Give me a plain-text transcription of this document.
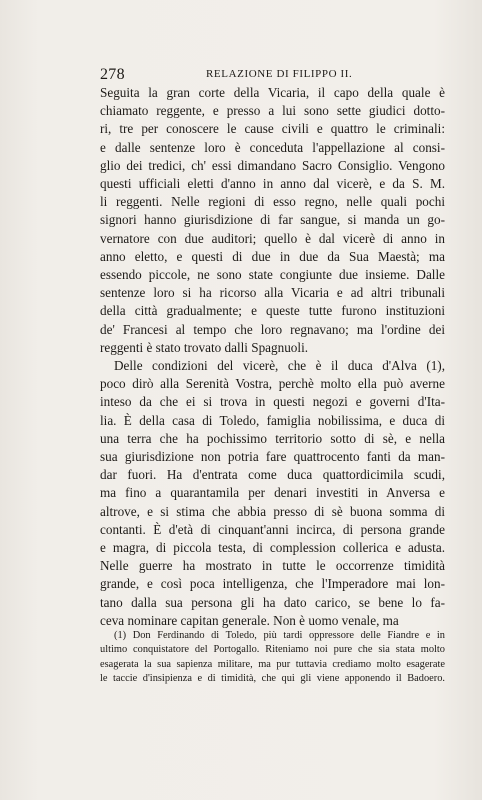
278	RELAZIONE DI FILIPPO II.

Seguita la gran corte della Vicaria, il capo della quale è
chiamato reggente, e presso a lui sono sette giudici dotto-
ri, tre per conoscere le cause civili e quattro le criminali:
e dalle sentenze loro è conceduta l'appellazione al consi-
glio dei tredici, ch' essi dimandano Sacro Consiglio. Vengono
questi ufficiali eletti d'anno in anno dal vicerè, e da S. M.
li reggenti. Nelle regioni di esso regno, nelle quali pochi
signori hanno giurisdizione di far sangue, si manda un go-
vernatore con due auditori; quello è dal vicerè di anno in
anno eletto, e questi di due in due da Sua Maestà; ma
essendo piccole, ne sono state congiunte due insieme. Dalle
sentenze loro si ha ricorso alla Vicaria e ad altri tribunali
della città gradualmente; e queste tutte furono instituzioni
de' Francesi al tempo che loro regnavano; ma l'ordine dei
reggenti è stato trovato dalli Spagnuoli.

Delle condizioni del vicerè, che è il duca d'Alva (1),
poco dirò alla Serenità Vostra, perchè molto ella può averne
inteso da che ei si trova in questi negozi e governi d'Ita-
lia. È della casa di Toledo, famiglia nobilissima, e duca di
una terra che ha pochissimo territorio sotto di sè, e nella
sua giurisdizione non potria fare quattrocento fanti da man-
dar fuori. Ha d'entrata come duca quattordicimila scudi,
ma fino a quarantamila per denari investiti in Anversa e
altrove, e si stima che abbia presso di sè buona somma di
contanti. È d'età di cinquant'anni incirca, di persona grande
e magra, di piccola testa, di complession collerica e adusta.
Nelle guerre ha mostrato in tutte le occorrenze timidità
grande, e così poca intelligenza, che l'Imperadore mai lon-
tano dalla sua persona gli ha dato carico, se bene lo fa-
ceva nominare capitan generale. Non è uomo venale, ma

(1) Don Ferdinando di Toledo, più tardi oppressore delle Fiandre e in
ultimo conquistatore del Portogallo. Riteniamo noi pure che sia stata molto
esagerata la sua sapienza militare, ma pur tuttavia crediamo molto esagerate
le taccie d'insipienza e di timidità, che qui gli viene apponendo il Badoero.
